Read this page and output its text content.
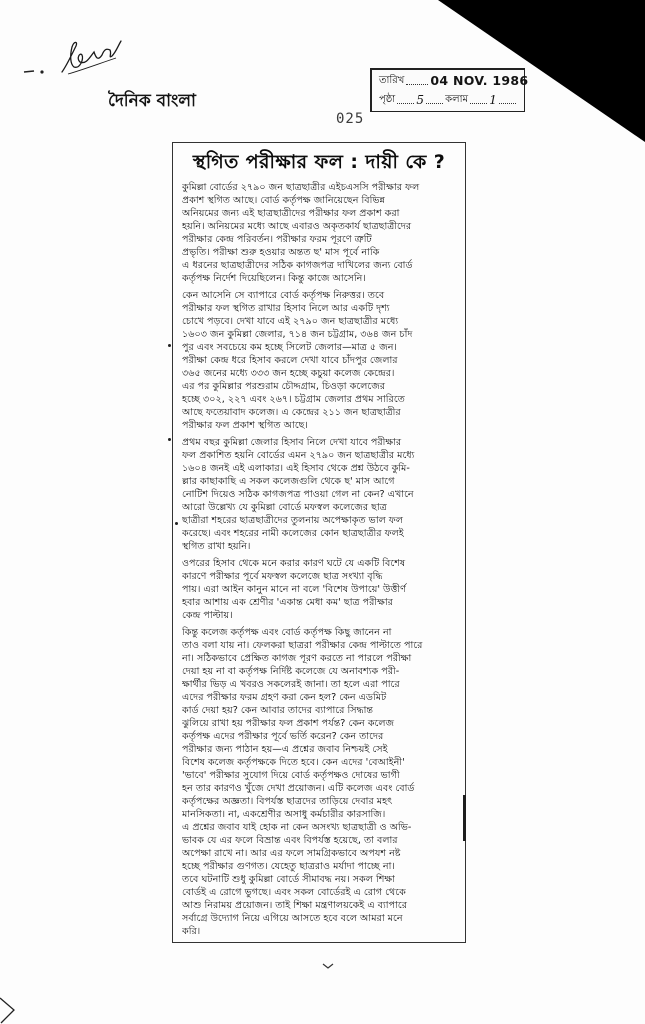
দৈনিক বাংলা
তারিখ 04 NOV. 1986
পৃষ্ঠা 5 কলাম 1
025
স্থগিত পরীক্ষার ফল : দায়ী কে ?
কুমিল্লা বোর্ডের ২৭৯০ জন ছাত্রছাত্রীর এইচএসসি পরীক্ষার ফল
প্রকাশ স্থগিত আছে। বোর্ড কর্তৃপক্ষ জানিয়েছেন বিভিন্ন
অনিয়মের জন্য এই ছাত্রছাত্রীদের পরীক্ষার ফল প্রকাশ করা
হয়নি। অনিয়মের মধ্যে আছে এবারও অকৃতকার্য ছাত্রছাত্রীদের
পরীক্ষার কেন্দ্র পরিবর্তন। পরীক্ষার ফরম পূরণে ত্রুটি
প্রভৃতি। পরীক্ষা শুরু হওয়ার অন্তত ছ' মাস পূর্বে নাকি
এ ধরনের ছাত্রছাত্রীদের সঠিক কাগজপত্র দাখিলের জন্য বোর্ড
কর্তৃপক্ষ নির্দেশ দিয়েছিলেন। কিন্তু কাজে আসেনি।
কেন আসেনি সে ব্যাপারে বোর্ড কর্তৃপক্ষ নিরুত্তর। তবে
পরীক্ষার ফল স্থগিত রাখার হিসাব নিলে আর একটি দৃশ্য
চোখে পড়বে। দেখা যাবে এই ২৭৯০ জন ছাত্রছাত্রীর মধ্যে
১৬০৩ জন কুমিল্লা জেলার, ৭১৪ জন চট্টগ্রাম, ৩৬৪ জন চাঁদ
পুর এবং সবচেয়ে কম হচ্ছে সিলেট জেলার—মাত্র ৫ জন।
পরীক্ষা কেন্দ্র ধরে হিসাব করলে দেখা যাবে চাঁদপুর জেলার
৩৬৫ জনের মধ্যে ৩৩৩ জন হচ্ছে কচুয়া কলেজ কেন্দ্রের।
এর পর কুমিল্লার পরশুরাম চৌদ্দগ্রাম, চিওড়া কলেজের
হচ্ছে ৩০২, ২২৭ এবং ২৬৭। চট্টগ্রাম জেলার প্রথম সারিতে
আছে ফতেয়াবাদ কলেজ। এ কেন্দ্রের ২১১ জন ছাত্রছাত্রীর
পরীক্ষার ফল প্রকাশ স্থগিত আছে।
প্রথম বছর কুমিল্লা জেলার হিসাব নিলে দেখা যাবে পরীক্ষার
ফল প্রকাশিত হয়নি বোর্ডের এমন ২৭৯০ জন ছাত্রছাত্রীর মধ্যে
১৬০৪ জনই এই এলাকার। এই হিসাব থেকে প্রশ্ন উঠবে কুমি-
ল্লার কাছাকাছি এ সকল কলেজগুলি থেকে ছ' মাস আগে
নোটিশ দিয়েও সঠিক কাগজপত্র পাওয়া গেল না কেন? এখানে
আরো উল্লেখ্য যে কুমিল্লা বোর্ডে মফস্বল কলেজের ছাত্র
ছাত্রীরা শহরের ছাত্রছাত্রীদের তুলনায় অপেক্ষাকৃত ভাল ফল
করেছে। এবং শহরের নামী কলেজের কোন ছাত্রছাত্রীর ফলই
স্থগিত রাখা হয়নি।
ওপরের হিসাব থেকে মনে করার কারণ ঘটে যে একটি বিশেষ
কারণে পরীক্ষার পূর্বে মফস্বল কলেজে ছাত্র সংখ্যা বৃদ্ধি
পায়। এরা আইন কানুন মানে না বলে 'বিশেষ উপায়ে' উত্তীর্ণ
হবার আশায় এক শ্রেণীর 'একান্ত মেধা কম' ছাত্র পরীক্ষার
কেন্দ্র পাল্টায়।
কিন্তু কলেজ কর্তৃপক্ষ এবং বোর্ড কর্তৃপক্ষ কিছু জানেন না
তাও বলা যায় না। ফেলকরা ছাত্ররা পরীক্ষার কেন্দ্র পাল্টাতে পারে
না। সঠিকভাবে প্রেক্ষিত কাগজ পূরণ করতে না পারলে পরীক্ষা
দেয়া হয় না বা কর্তৃপক্ষ নির্দিষ্ট কলেজে যে অনাবশ্যক পরী-
ক্ষার্থীর ভিড় এ খবরও সকলেরই জানা। তা হলে এরা পারে
এদের পরীক্ষার ফরম গ্রহণ করা কেন হল? কেন এডমিট
কার্ড দেয়া হয়? কেন আবার তাদের ব্যাপারে সিদ্ধান্ত
ঝুলিয়ে রাখা হয় পরীক্ষার ফল প্রকাশ পর্যন্ত? কেন কলেজ
কর্তৃপক্ষ এদের পরীক্ষার পূর্বে ভর্তি করেন? কেন তাদের
পরীক্ষার জন্য পাঠান হয়—এ প্রশ্নের জবাব নিশ্চয়ই সেই
বিশেষ কলেজ কর্তৃপক্ষকে দিতে হবে। কেন এদের 'বেআইনী'
'ভাবে' পরীক্ষার সুযোগ দিয়ে বোর্ড কর্তৃপক্ষও দোষের ভাগী
হন তার কারণও খুঁজে দেখা প্রয়োজন। এটি কলেজ এবং বোর্ড
কর্তৃপক্ষের অজ্ঞতা। বিপর্যস্ত ছাত্রদের তাড়িয়ে দেবার মহৎ
মানসিকতা। না, একশ্রেণীর অসাধু কর্মচারীর কারসাজি।
এ প্রশ্নের জবাব যাই হোক না কেন অসংখ্য ছাত্রছাত্রী ও অভি-
ভাবক যে এর ফলে বিভ্রান্ত এবং বিপর্যস্ত হয়েছে, তা বলার
অপেক্ষা রাখে না। আর এর ফলে সামগ্রিকভাবে অপযশ নষ্ট
হচ্ছে পরীক্ষার গুণগত। যেহেতু ছাত্ররাও মর্যাদা পাচ্ছে না।
তবে ঘটনাটি শুধু কুমিল্লা বোর্ডে সীমাবদ্ধ নয়। সকল শিক্ষা
বোর্ডই এ রোগে ভুগছে। এবং সকল বোর্ডেরই এ রোগ থেকে
আশু নিরাময় প্রয়োজন। তাই শিক্ষা মন্ত্রণালয়কেই এ ব্যাপারে
সর্বাগ্রে উদ্যোগ নিয়ে এগিয়ে আসতে হবে বলে আমরা মনে
করি।
